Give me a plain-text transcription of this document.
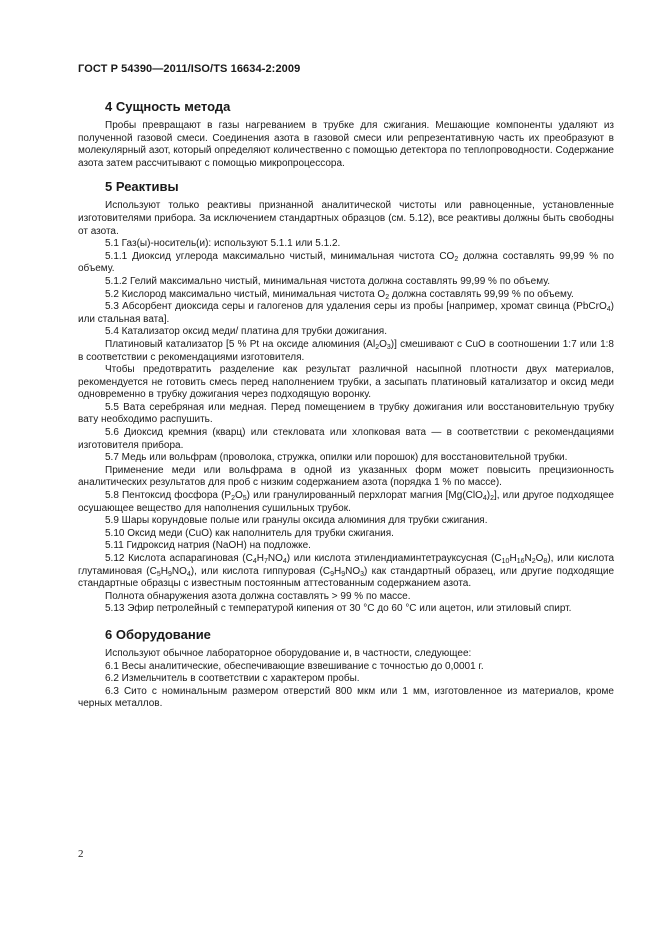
ГОСТ Р 54390—2011/ISO/TS 16634-2:2009
4 Сущность метода

Пробы превращают в газы нагреванием в трубке для сжигания. Мешающие компоненты удаляют из полученной газовой смеси. Соединения азота в газовой смеси или репрезентативную часть их преобразуют в молекулярный азот, который определяют количественно с помощью детектора по теплопроводности. Содержание азота затем рассчитывают с помощью микропроцессора.

5 Реактивы

Используют только реактивы признанной аналитической чистоты или равноценные, установленные изготовителями прибора. За исключением стандартных образцов (см. 5.12), все реактивы должны быть свободны от азота.

5.1 Газ(ы)-носитель(и): используют 5.1.1 или 5.1.2.

5.1.1 Диоксид углерода максимально чистый, минимальная чистота $CO_2$ должна составлять 99,99 % по объему.

5.1.2 Гелий максимально чистый, минимальная чистота должна составлять 99,99 % по объему.

5.2 Кислород максимально чистый, минимальная чистота $O_2$ должна составлять 99,99 % по объему.

5.3 Абсорбент диоксида серы и галогенов для удаления серы из пробы [например, хромат свинца (PbCrO$_4$) или стальная вата].

5.4 Катализатор оксид меди/ платина для трубки дожигания.

Платиновый катализатор [5 % Pt на оксиде алюминия $(Al_2O_3)$] смешивают с CuO в соотношении 1:7 или 1:8 в соответствии с рекомендациями изготовителя.

Чтобы предотвратить разделение как результат различной насыпной плотности двух материалов, рекомендуется не готовить смесь перед наполнением трубки, а засыпать платиновый катализатор и оксид меди одновременно в трубку дожигания через подходящую воронку.

5.5 Вата серебряная или медная. Перед помещением в трубку дожигания или восстановительную трубку вату необходимо распушить.

5.6 Диоксид кремния (кварц) или стекловата или хлопковая вата — в соответствии с рекомендациями изготовителя прибора.

5.7 Медь или вольфрам (проволока, стружка, опилки или порошок) для восстановительной трубки.

Применение меди или вольфрама в одной из указанных форм может повысить прецизионность аналитических результатов для проб с низким содержанием азота (порядка 1 % по массе).

5.8 Пентоксид фосфора $(P_2O_5)$ или гранулированный перхлорат магния $[Mg(ClO_4)_2]$, или другое подходящее осушающее вещество для наполнения сушильных трубок.

5.9 Шары корундовые полые или гранулы оксида алюминия для трубки сжигания.

5.10 Оксид меди (CuO) как наполнитель для трубки сжигания.

5.11 Гидроксид натрия (NaOH) на подложке.

5.12 Кислота аспарагиновая $(C_4H_7NO_4)$ или кислота этилендиаминтетрауксусная $(C_{10}H_{16}N_2O_8)$, или кислота глутаминовая $(C_5H_9NO_4)$, или кислота гиппуровая $(C_9H_9NO_3)$ как стандартный образец, или другие подходящие стандартные образцы с известным постоянным аттестованным содержанием азота.

Полнота обнаружения азота должна составлять > 99 % по массе.

5.13 Эфир петролейный с температурой кипения от 30 °C до 60 °C или ацетон, или этиловый спирт.

6 Оборудование

Используют обычное лабораторное оборудование и, в частности, следующее:

6.1 Весы аналитические, обеспечивающие взвешивание с точностью до 0,0001 г.

6.2 Измельчитель в соответствии с характером пробы.

6.3 Сито с номинальным размером отверстий 800 мкм или 1 мм, изготовленное из материалов, кроме черных металлов.

2
